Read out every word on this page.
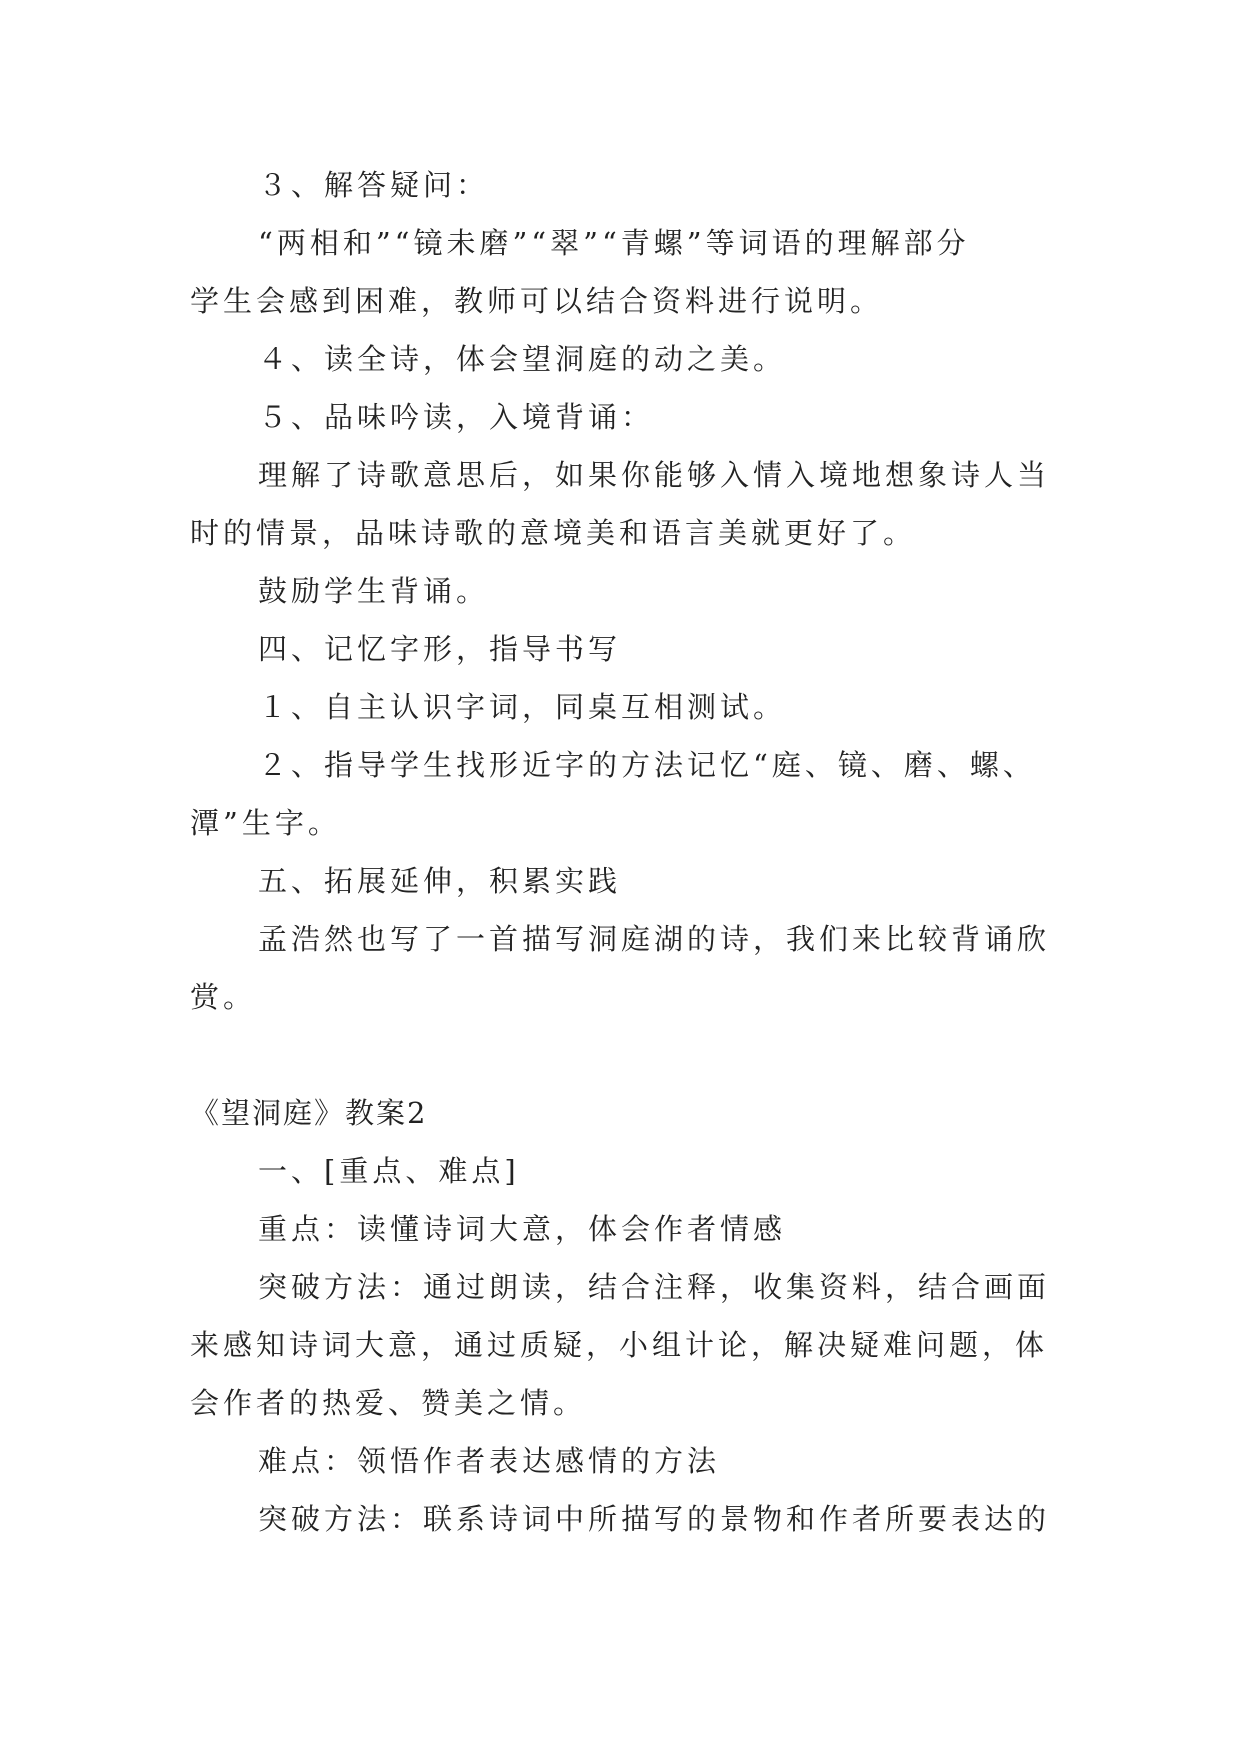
３、解答疑问：
“两相和”“镜未磨”“翠”“青螺”等词语的理解部分
学生会感到困难，教师可以结合资料进行说明。
４、读全诗，体会望洞庭的动之美。
５、品味吟读，入境背诵：
理解了诗歌意思后，如果你能够入情入境地想象诗人当
时的情景，品味诗歌的意境美和语言美就更好了。
鼓励学生背诵。
四、记忆字形，指导书写
１、自主认识字词，同桌互相测试。
２、指导学生找形近字的方法记忆“庭、镜、磨、螺、
潭”生字。
五、拓展延伸，积累实践
孟浩然也写了一首描写洞庭湖的诗，我们来比较背诵欣
赏。
《望洞庭》教案2
一、[重点、难点]
重点：读懂诗词大意，体会作者情感
突破方法：通过朗读，结合注释，收集资料，结合画面
来感知诗词大意，通过质疑，小组计论，解决疑难问题，体
会作者的热爱、赞美之情。
难点：领悟作者表达感情的方法
突破方法：联系诗词中所描写的景物和作者所要表达的
